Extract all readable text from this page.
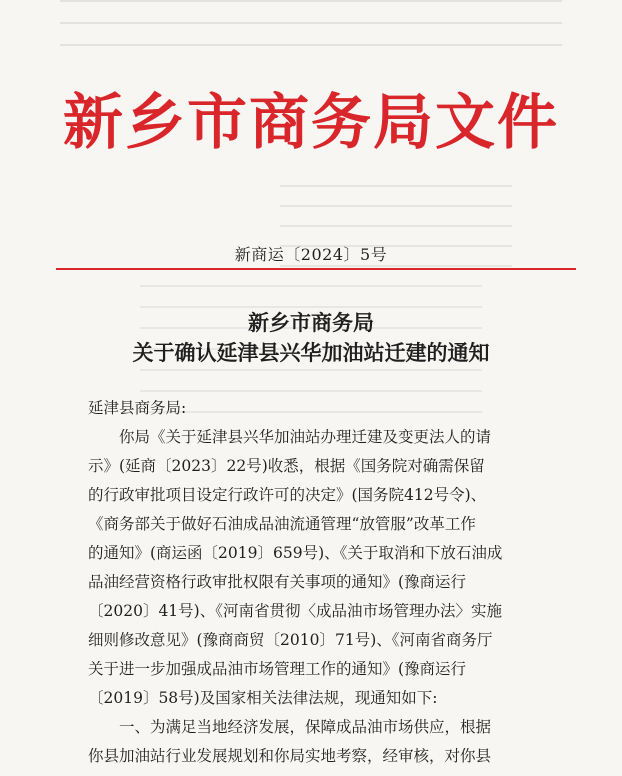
新乡市商务局文件
新商运〔2024〕5号
新乡市商务局
关于确认延津县兴华加油站迁建的通知

延津县商务局:

你局《关于延津县兴华加油站办理迁建及变更法人的请
示》(延商〔2023〕22号)收悉，根据《国务院对确需保留
的行政审批项目设定行政许可的决定》(国务院412号令)、
《商务部关于做好石油成品油流通管理“放管服”改革工作
的通知》(商运函〔2019〕659号)、《关于取消和下放石油成
品油经营资格行政审批权限有关事项的通知》(豫商运行
〔2020〕41号)、《河南省贯彻〈成品油市场管理办法〉实施
细则修改意见》(豫商商贸〔2010〕71号)、《河南省商务厅
关于进一步加强成品油市场管理工作的通知》(豫商运行
〔2019〕58号)及国家相关法律法规，现通知如下:

一、为满足当地经济发展，保障成品油市场供应，根据
你县加油站行业发展规划和你局实地考察，经审核，对你县
